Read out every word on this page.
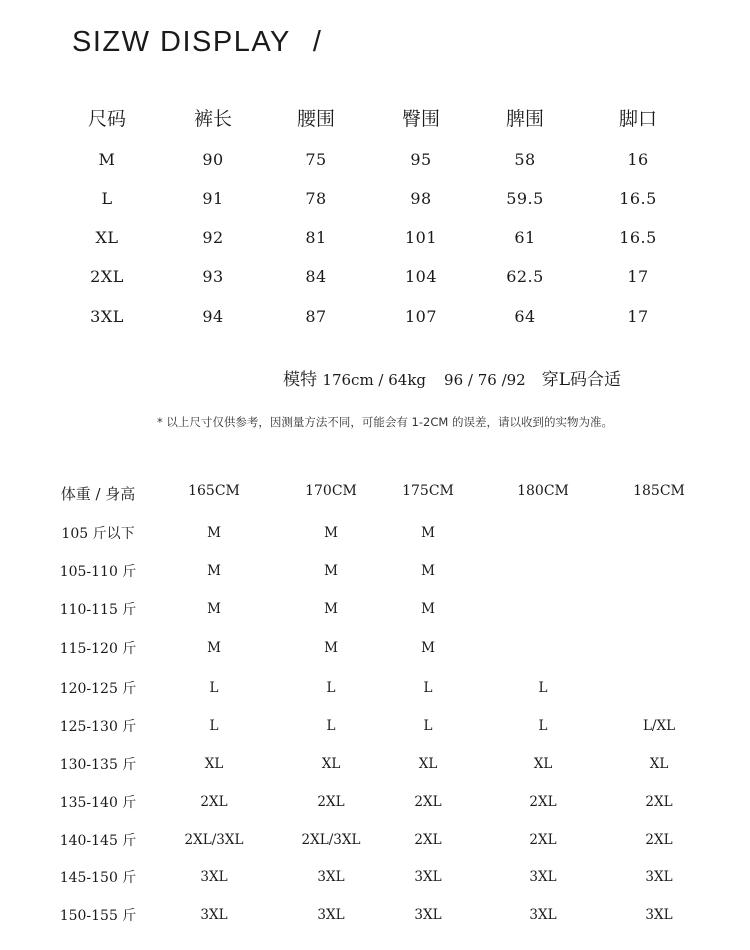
SIZW DISPLAY /
尺码	裤长	腰围	臀围	脾围	脚口
M	90	75	95	58	16
L	91	78	98	59.5	16.5
XL	92	81	101	61	16.5
2XL	93	84	104	62.5	17
3XL	94	87	107	64	17
模特 176cm / 64kg 96 / 76 /92 穿L码合适
* 以上尺寸仅供参考，因测量方法不同，可能会有 1-2CM 的误差，请以收到的实物为准。
体重 / 身高	165CM	170CM	175CM	180CM	185CM
105 斤以下	M	M	M
105-110 斤	M	M	M
110-115 斤	M	M	M
115-120 斤	M	M	M
120-125 斤	L	L	L	L
125-130 斤	L	L	L	L	L/XL
130-135 斤	XL	XL	XL	XL	XL
135-140 斤	2XL	2XL	2XL	2XL	2XL
140-145 斤	2XL/3XL	2XL/3XL	2XL	2XL	2XL
145-150 斤	3XL	3XL	3XL	3XL	3XL
150-155 斤	3XL	3XL	3XL	3XL	3XL
